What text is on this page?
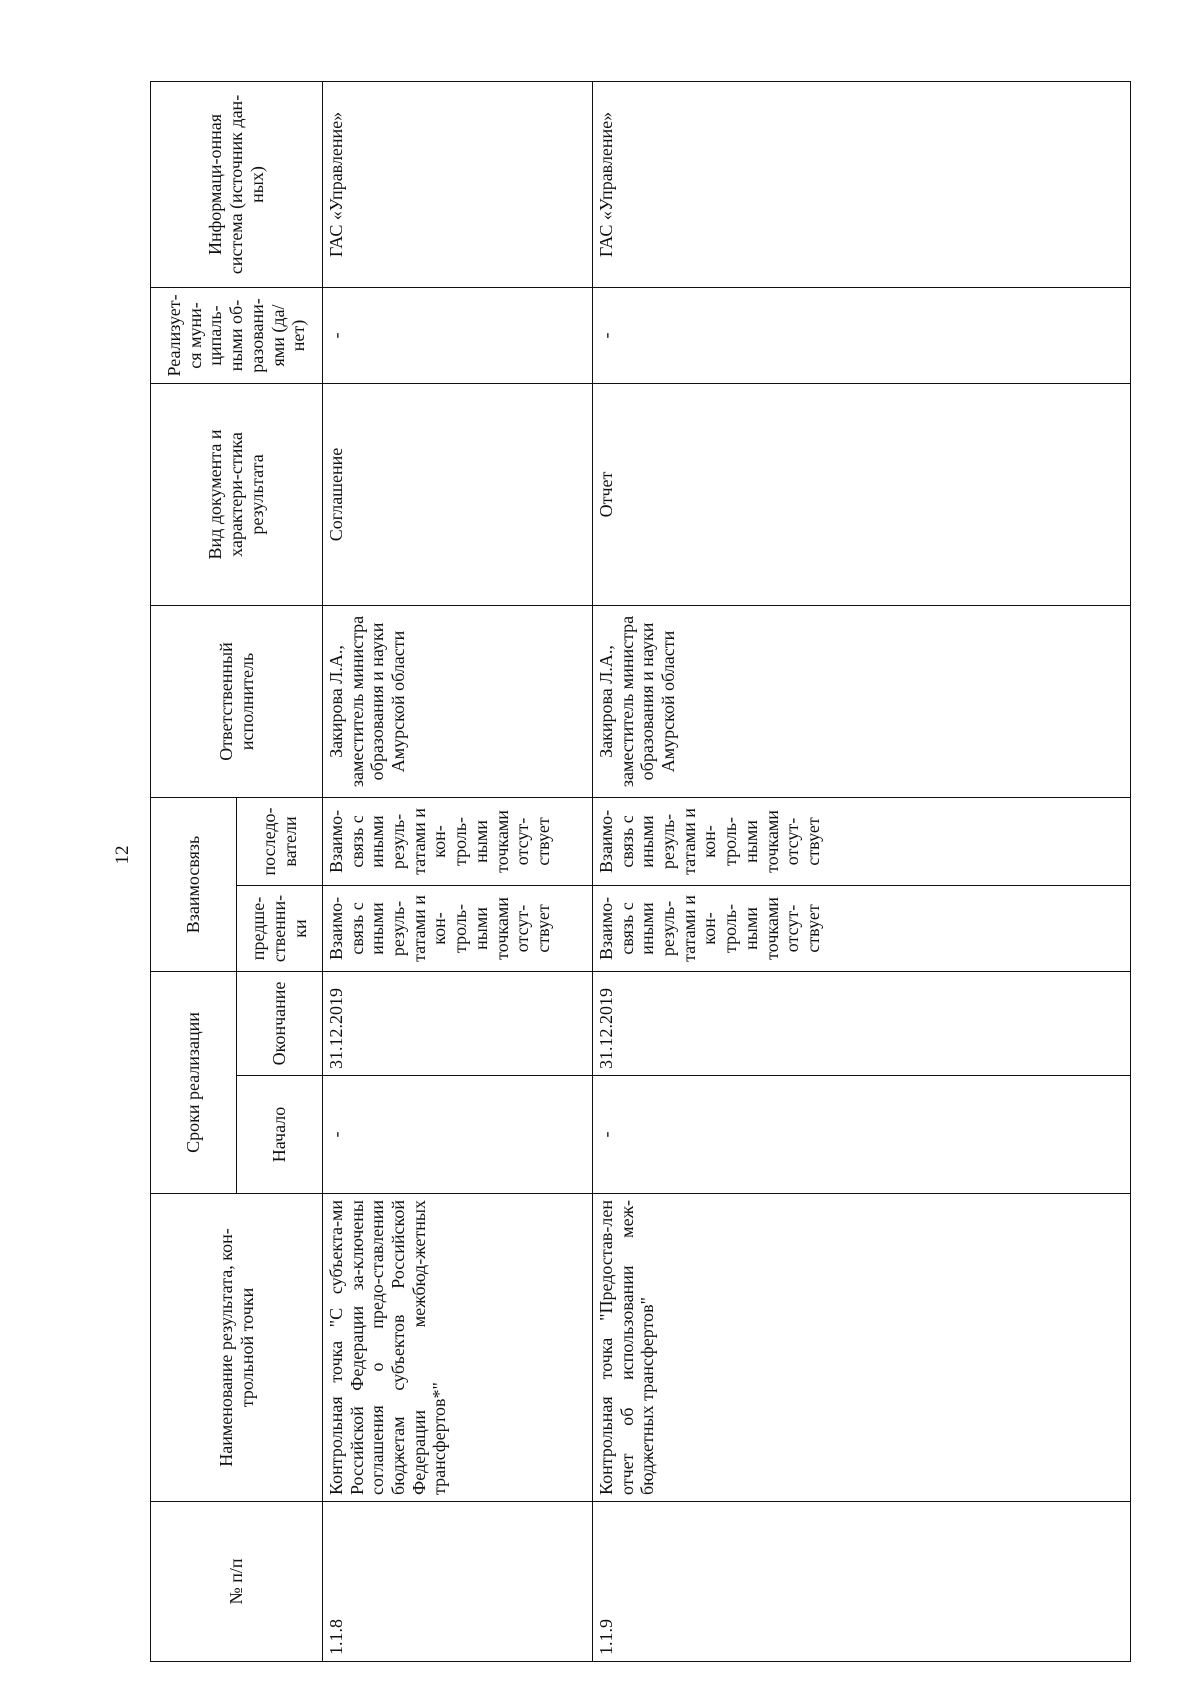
12
№ п/п	Наименование результата, кон-трольной точки	Сроки реализации		Взаимосвязь		Ответственный исполнитель	Вид документа и характери-стика результата	Реализует-ся муни-ципаль-ными об-разовани-ями (да/нет)	Информаци-онная система (источник дан-ных)
		Начало	Окончание	предше-ственни-ки	последо-ватели				
1.1.8	Контрольная точка "С субъекта-ми Российской Федерации за-ключены соглашения о предо-ставлении бюджетам субъектов Российской Федерации межбюд-жетных трансфертов*"	-	31.12.2019	Взаимо-связь с иными резуль-татами и кон-троль-ными точками отсут-ствует	Взаимо-связь с иными резуль-татами и кон-троль-ными точками отсут-ствует	Закирова Л.А., заместитель министра образования и науки Амурской области	Соглашение	-	ГАС «Управление»
1.1.9	Контрольная точка "Предостав-лен отчет об использовании меж-бюджетных трансфертов"	-	31.12.2019	Взаимо-связь с иными резуль-татами и кон-троль-ными точками отсут-ствует	Взаимо-связь с иными резуль-татами и кон-троль-ными точками отсут-ствует	Закирова Л.А., заместитель министра образования и науки Амурской области	Отчет	-	ГАС «Управление»
